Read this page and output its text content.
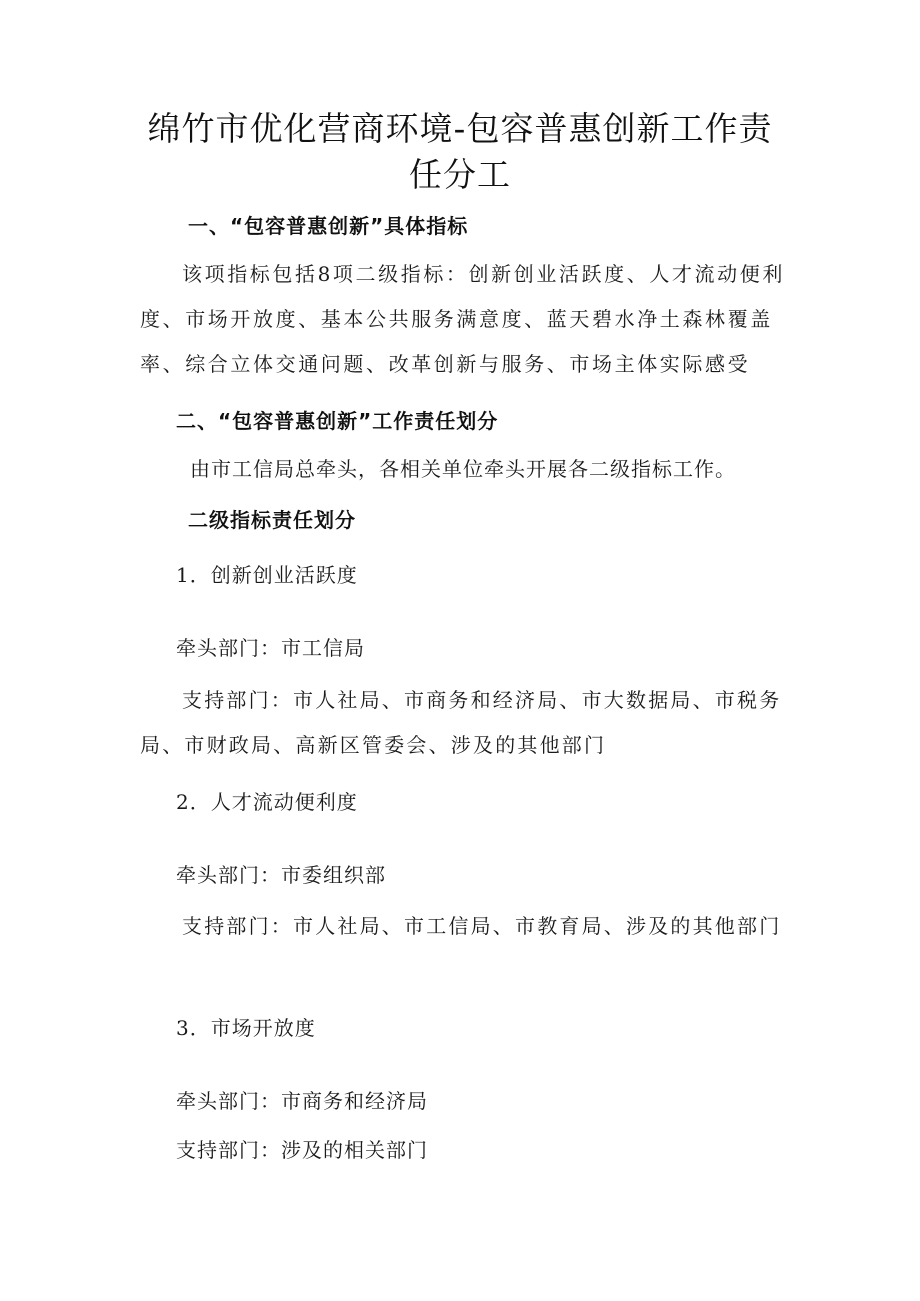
绵竹市优化营商环境-包容普惠创新工作责
任分工
一、“包容普惠创新”具体指标
该项指标包括8项二级指标：创新创业活跃度、人才流动便利度、市场开放度、基本公共服务满意度、蓝天碧水净土森林覆盖率、综合立体交通问题、改革创新与服务、市场主体实际感受
二、“包容普惠创新”工作责任划分
由市工信局总牵头，各相关单位牵头开展各二级指标工作。
二级指标责任划分
1．创新创业活跃度
牵头部门：市工信局
支持部门：市人社局、市商务和经济局、市大数据局、市税务局、市财政局、高新区管委会、涉及的其他部门
2．人才流动便利度
牵头部门：市委组织部
支持部门：市人社局、市工信局、市教育局、涉及的其他部门
3．市场开放度
牵头部门：市商务和经济局
支持部门：涉及的相关部门
